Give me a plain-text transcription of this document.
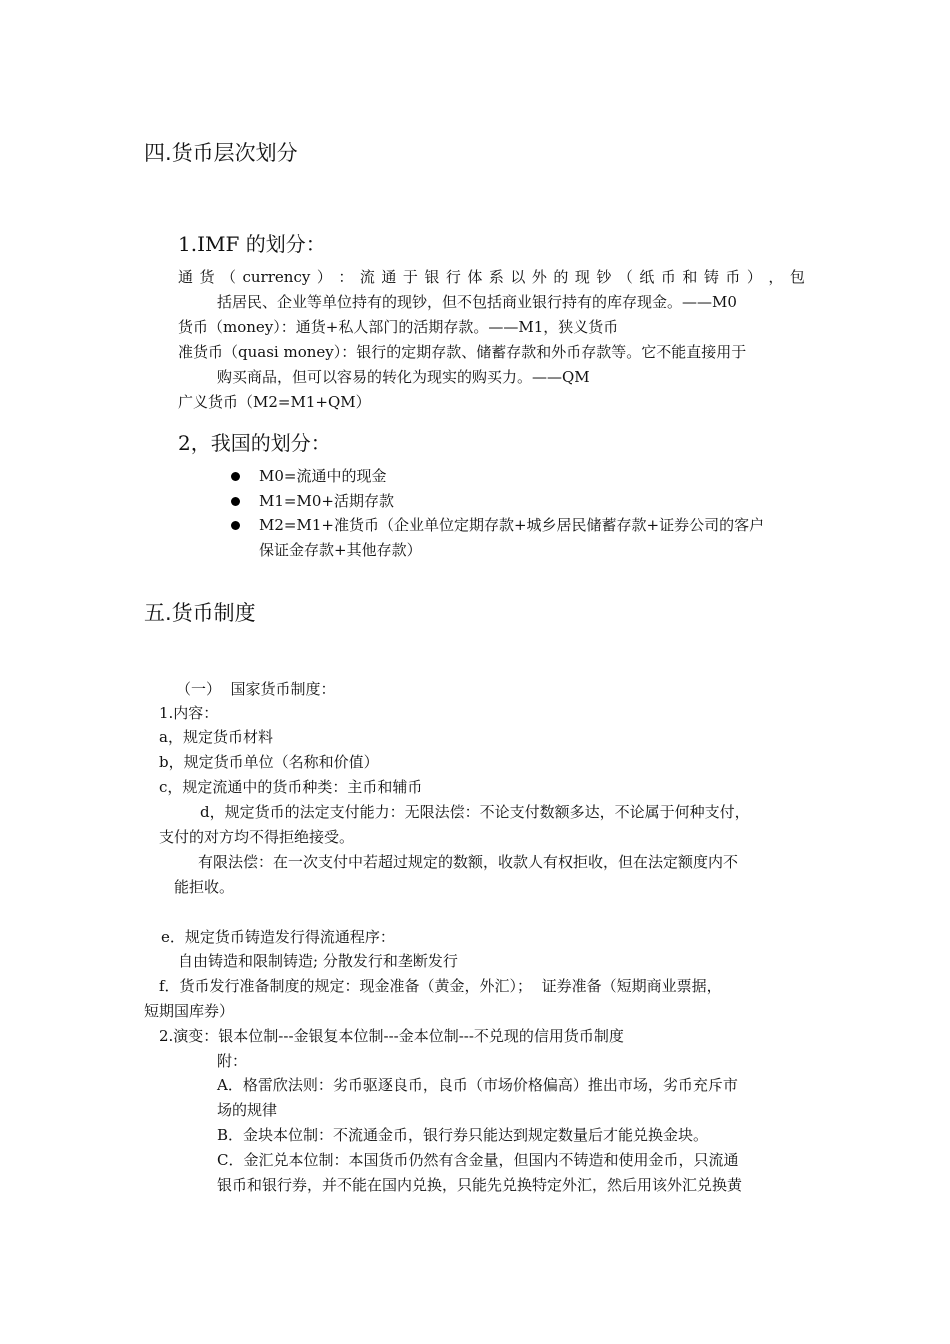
四.货币层次划分
1.IMF 的划分：
通 货 （ currency ） ： 流 通 于 银 行 体 系 以 外 的 现 钞 （ 纸 币 和 铸 币 ） ， 包
括居民、企业等单位持有的现钞，但不包括商业银行持有的库存现金。——M0
货币（money）：通货+私人部门的活期存款。——M1，狭义货币
准货币（quasi money）：银行的定期存款、储蓄存款和外币存款等。它不能直接用于
购买商品，但可以容易的转化为现实的购买力。——QM
广义货币（M2=M1+QM）
2，我国的划分：
M0=流通中的现金
M1=M0+活期存款
M2=M1+准货币（企业单位定期存款+城乡居民储蓄存款+证券公司的客户
保证金存款+其他存款）
五.货币制度
（一）  国家货币制度：
1.内容：
a，规定货币材料
b，规定货币单位（名称和价值）
c，规定流通中的货币种类：主币和辅币
d，规定货币的法定支付能力：无限法偿：不论支付数额多达，不论属于何种支付，
支付的对方均不得拒绝接受。
有限法偿：在一次支付中若超过规定的数额，收款人有权拒收，但在法定额度内不
能拒收。
e．规定货币铸造发行得流通程序：
自由铸造和限制铸造; 分散发行和垄断发行
f．货币发行准备制度的规定：现金准备（黄金，外汇）；  证券准备（短期商业票据，
短期国库券）
2.演变：银本位制---金银复本位制---金本位制---不兑现的信用货币制度
附：
A．格雷欣法则：劣币驱逐良币，良币（市场价格偏高）推出市场，劣币充斥市
场的规律
B．金块本位制：不流通金币，银行券只能达到规定数量后才能兑换金块。
C．金汇兑本位制：本国货币仍然有含金量，但国内不铸造和使用金币，只流通
银币和银行券，并不能在国内兑换，只能先兑换特定外汇，然后用该外汇兑换黄
